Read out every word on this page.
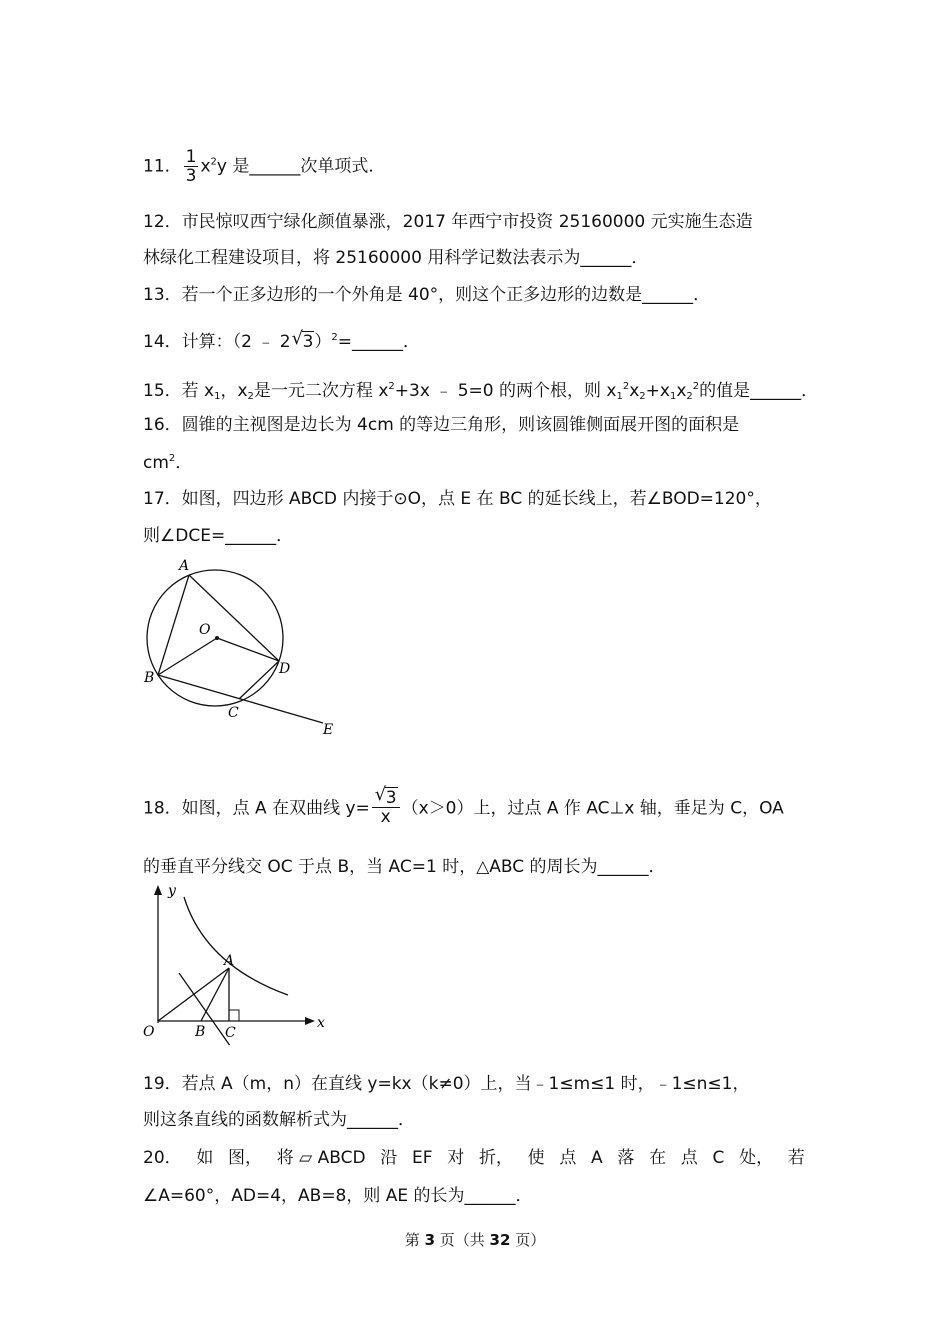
11． $\frac{1}{3} x^2y$ 是______次单项式．
12．市民惊叹西宁绿化颜值暴涨，2017 年西宁市投资 25160000 元实施生态造
林绿化工程建设项目，将 25160000 用科学记数法表示为______．
13．若一个正多边形的一个外角是 40°，则这个正多边形的边数是______．
14．计算：（2 ﹣ 2 √ 3）$^2$=______．
15．若 $x_1$，$x_2$是一元二次方程 $x^2+3x$ ﹣ 5=0 的两个根，则 $x_1^2x_2+x_1x_2^2$的值是______．
16．圆锥的主视图是边长为 4cm 的等边三角形，则该圆锥侧面展开图的面积是
$cm^2$．
17．如图，四边形 ABCD 内接于⊙O，点 E 在 BC 的延长线上，若∠BOD=120°，
则∠DCE=______．
A
O
B
D
C
E
18．如图，点 A 在双曲线 y= √ $\frac{3}{x} (x>0)$上，过点 A 作 AC⊥x 轴，垂足为 C，OA
的垂直平分线交 OC 于点 B，当 AC=1 时，△ABC 的周长为______．
y
A
O	B C
x
19．若点 A（m，n）在直线 y=kx（k≠0）上，当﹣1≤m≤1 时，﹣1≤n≤1，
则这条直线的函数解析式为______．
20． 如 图， 将 ▱ ABCD 沿 EF 对 折， 使 点 A 落 在 点 C 处， 若
∠A=60°，AD=4，AB=8，则 AE 的长为______．
第 3 页（共 32 页）
